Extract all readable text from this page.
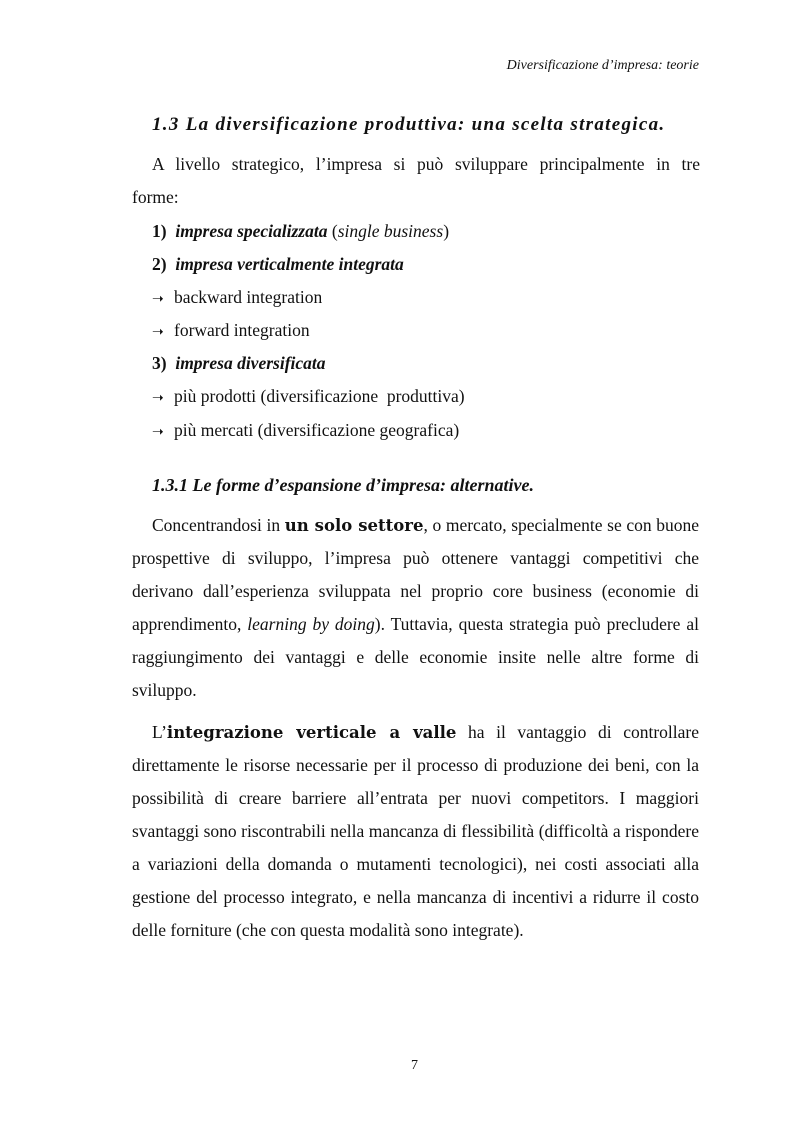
Diversificazione d’impresa: teorie
1.3 La diversificazione produttiva: una scelta strategica.
A livello strategico, l’impresa si può sviluppare principalmente in tre
forme:
1) impresa specializzata (single business)
2) impresa verticalmente integrata
➝ backward integration
➝ forward integration
3) impresa diversificata
➝ più prodotti (diversificazione  produttiva)
➝ più mercati (diversificazione geografica)
1.3.1 Le forme d’espansione d’impresa: alternative.

Concentrandosi in un solo settore, o mercato, specialmente se con buone prospettive di sviluppo, l’impresa può ottenere vantaggi competitivi che derivano dall’esperienza sviluppata nel proprio core business (economie di apprendimento, learning by doing). Tuttavia, questa strategia può precludere al raggiungimento dei vantaggi e delle economie insite nelle altre forme di sviluppo.

L’integrazione verticale a valle ha il vantaggio di controllare direttamente le risorse necessarie per il processo di produzione dei beni, con la possibilità di creare barriere all’entrata per nuovi competitors. I maggiori svantaggi sono riscontrabili nella mancanza di flessibilità (difficoltà a rispondere a variazioni della domanda o mutamenti tecnologici), nei costi associati alla gestione del processo integrato, e nella mancanza di incentivi a ridurre il costo delle forniture (che con questa modalità sono integrate).

7
